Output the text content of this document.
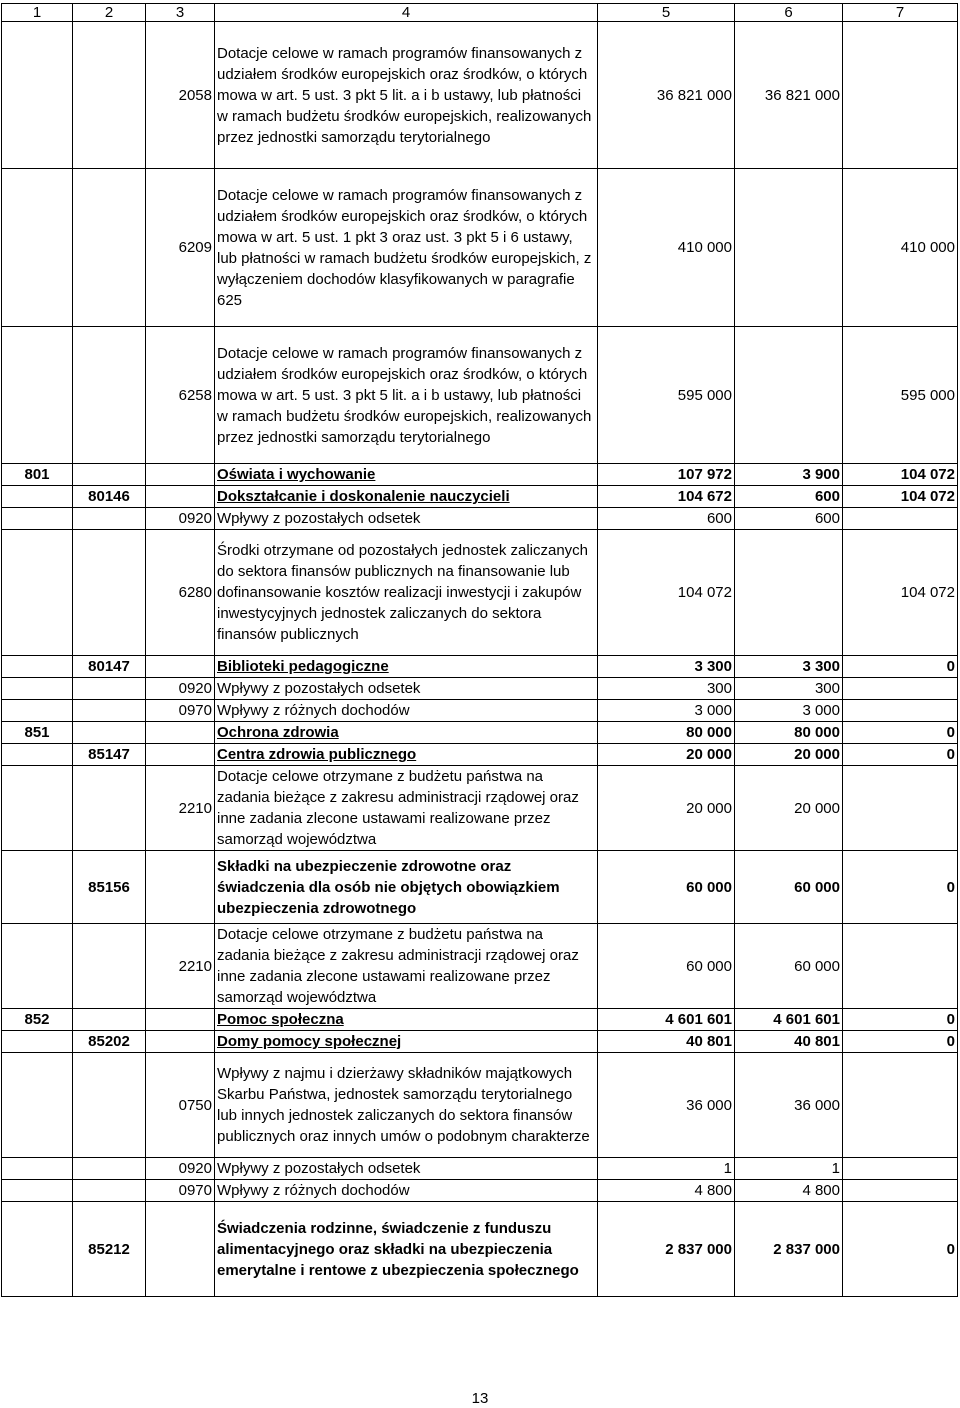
1	2	3	4	5	6	7
		2058	Dotacje celowe w ramach programów finansowanych z udziałem środków europejskich oraz środków, o których mowa w art. 5 ust. 3 pkt 5 lit. a i b ustawy, lub płatności w ramach budżetu środków europejskich, realizowanych przez jednostki samorządu terytorialnego	36 821 000	36 821 000	
		6209	Dotacje celowe w ramach programów finansowanych z udziałem środków europejskich oraz środków, o których mowa w art. 5 ust. 1 pkt 3 oraz ust. 3 pkt 5 i 6 ustawy, lub płatności w ramach budżetu środków europejskich, z wyłączeniem dochodów klasyfikowanych w paragrafie 625	410 000		410 000
		6258	Dotacje celowe w ramach programów finansowanych z udziałem środków europejskich oraz środków, o których mowa w art. 5 ust. 3 pkt 5 lit. a i b ustawy, lub płatności w ramach budżetu środków europejskich, realizowanych przez jednostki samorządu terytorialnego	595 000		595 000
801			Oświata i wychowanie	107 972	3 900	104 072
	80146		Dokształcanie i doskonalenie nauczycieli	104 672	600	104 072
		0920	Wpływy z pozostałych odsetek	600	600	
		6280	Środki otrzymane od pozostałych jednostek zaliczanych do sektora finansów publicznych na finansowanie lub dofinansowanie kosztów realizacji inwestycji i zakupów inwestycyjnych jednostek zaliczanych do sektora finansów publicznych	104 072		104 072
	80147		Biblioteki pedagogiczne	3 300	3 300	0
		0920	Wpływy z pozostałych odsetek	300	300	
		0970	Wpływy z różnych dochodów	3 000	3 000	
851			Ochrona zdrowia	80 000	80 000	0
	85147		Centra zdrowia publicznego	20 000	20 000	0
		2210	Dotacje celowe otrzymane z budżetu państwa na zadania bieżące z zakresu administracji rządowej oraz inne zadania zlecone ustawami realizowane przez samorząd województwa	20 000	20 000	
	85156		Składki na ubezpieczenie zdrowotne oraz świadczenia dla osób nie objętych obowiązkiem ubezpieczenia zdrowotnego	60 000	60 000	0
		2210	Dotacje celowe otrzymane z budżetu państwa na zadania bieżące z zakresu administracji rządowej oraz inne zadania zlecone ustawami realizowane przez samorząd województwa	60 000	60 000	
852			Pomoc społeczna	4 601 601	4 601 601	0
	85202		Domy pomocy społecznej	40 801	40 801	0
		0750	Wpływy z najmu i dzierżawy składników majątkowych Skarbu Państwa, jednostek samorządu terytorialnego lub innych jednostek zaliczanych do sektora finansów publicznych oraz innych umów o podobnym charakterze	36 000	36 000	
		0920	Wpływy z pozostałych odsetek	1	1	
		0970	Wpływy z różnych dochodów	4 800	4 800	
	85212		Świadczenia rodzinne, świadczenie z funduszu alimentacyjnego oraz składki na ubezpieczenia emerytalne i rentowe z ubezpieczenia społecznego	2 837 000	2 837 000	0
13
